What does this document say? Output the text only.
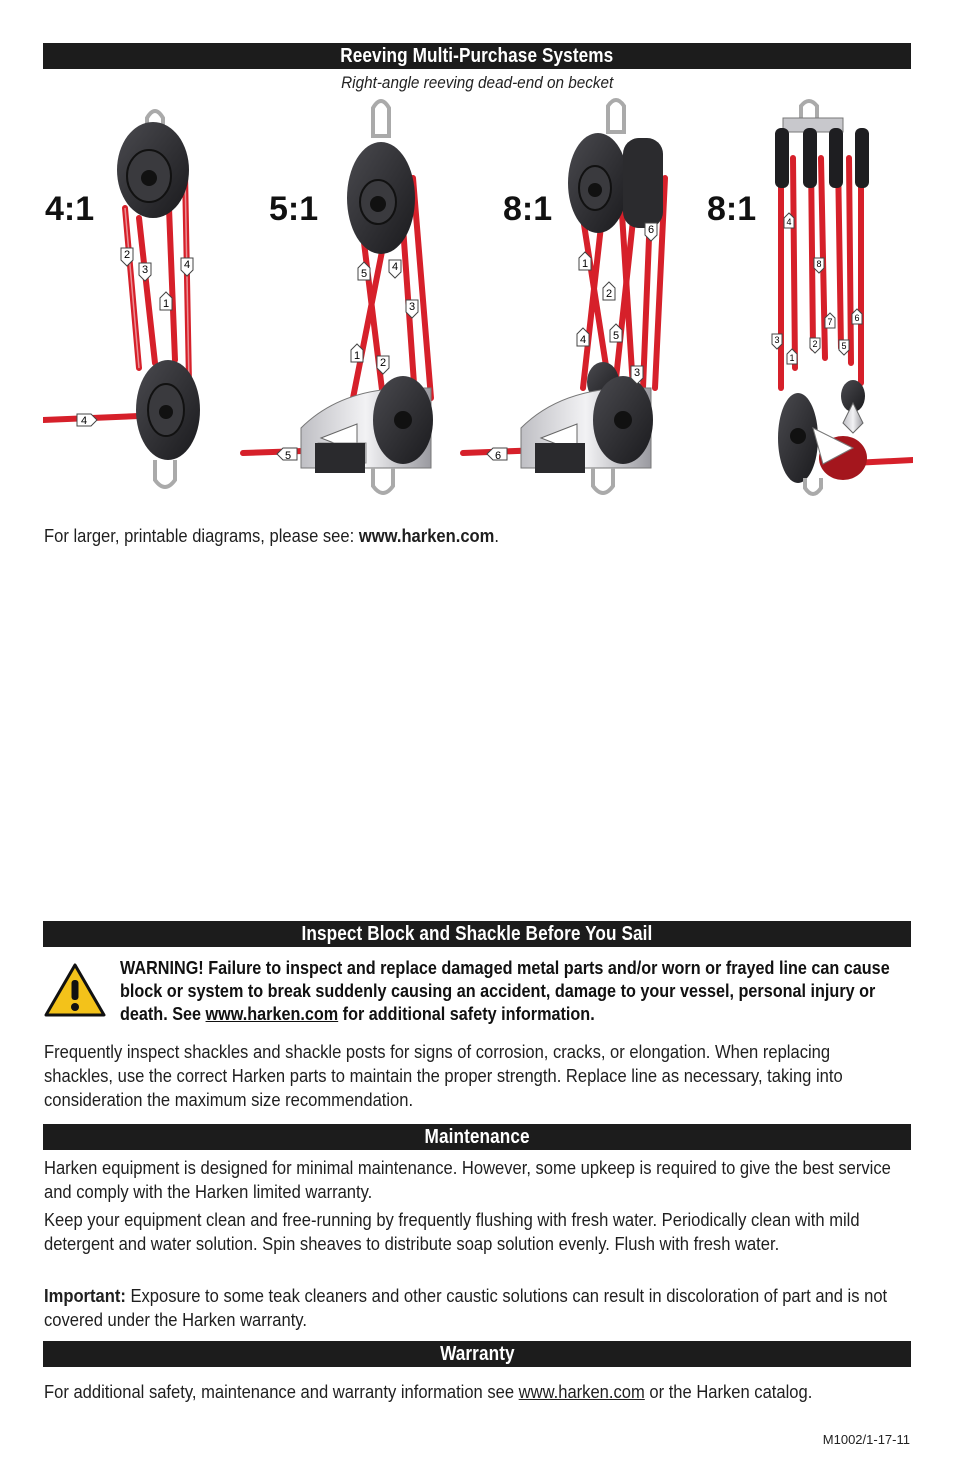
Reeving Multi-Purchase Systems
Right-angle reeving dead-end on becket
2
3	4
1
4
5
4
3
1
2
5
1
6
2
5
4
3
6
4
8
3	2
7 6
1
5
4:1	5:1	8:1	8:1
For larger, printable diagrams, please see: www.harken.com.
Inspect Block and Shackle Before You Sail
WARNING! Failure to inspect and replace damaged metal parts and/or worn or frayed line can cause block or system to break suddenly causing an accident, damage to your vessel, personal injury or death. See www.harken.com for additional safety information.
Frequently inspect shackles and shackle posts for signs of corrosion, cracks, or elongation. When replacing shackles, use the correct Harken parts to maintain the proper strength. Replace line as necessary, taking into consideration the maximum size recommendation.
Maintenance
Harken equipment is designed for minimal maintenance. However, some upkeep is required to give the best service and comply with the Harken limited warranty.
Keep your equipment clean and free-running by frequently flushing with fresh water. Periodically clean with mild detergent and water solution. Spin sheaves to distribute soap solution evenly. Flush with fresh water.
Important: Exposure to some teak cleaners and other caustic solutions can result in discoloration of part and is not covered under the Harken warranty.
Warranty
For additional safety, maintenance and warranty information see www.harken.com or the Harken catalog.
M1002/1-17-11
